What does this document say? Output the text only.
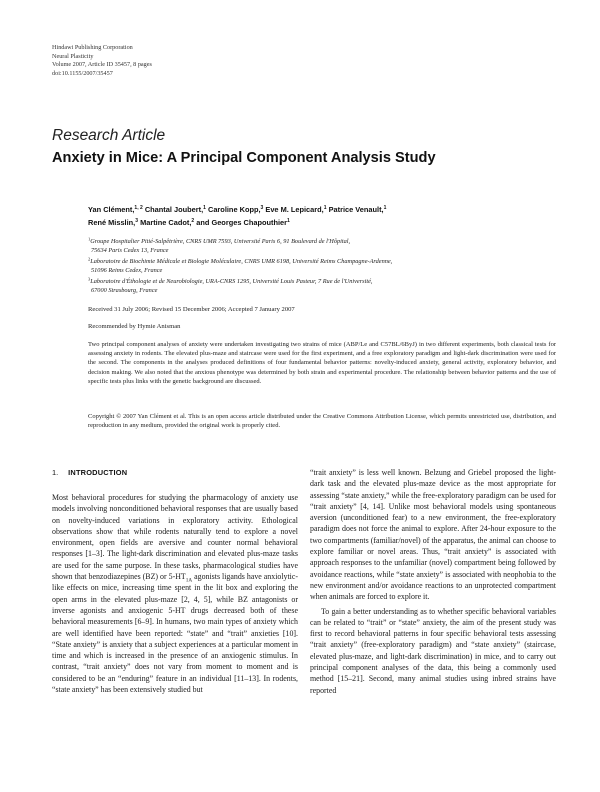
Hindawi Publishing Corporation
Neural Plasticity
Volume 2007, Article ID 35457, 8 pages
doi:10.1155/2007/35457
Research Article
Anxiety in Mice: A Principal Component Analysis Study
Yan Clément,$^{1, 2}$ Chantal Joubert,$^1$ Caroline Kopp,$^3$ Eve M. Lepicard,$^1$ Patrice Venault,$^1$
René Misslin,$^3$ Martine Cadot,$^2$ and Georges Chapouthier$^1$
$^1$Groupe Hospitalier Pitié-Salpêtrière, CNRS UMR 7593, Université Paris 6, 91 Boulevard de l'Hôpital,
75634 Paris Cedex 13, France
$^2$Laboratoire de Biochimie Médicale et Biologie Moléculaire, CNRS UMR 6198, Université Reims Champagne-Ardenne,
51096 Reims Cedex, France
$^3$Laboratoire d'Éthologie et de Neurobiologie, URA-CNRS 1295, Université Louis Pasteur, 7 Rue de l'Université,
67000 Strasbourg, France
Received 31 July 2006; Revised 15 December 2006; Accepted 7 January 2007
Recommended by Hymie Anisman
Two principal component analyses of anxiety were undertaken investigating two strains of mice (ABP/Le and C57BL/6ByJ) in two different experiments, both classical tests for assessing anxiety in rodents. The elevated plus-maze and staircase were used for the first experiment, and a free exploratory paradigm and light-dark discrimination were used for the second. The components in the analyses produced definitions of four fundamental behavior patterns: novelty-induced anxiety, general activity, exploratory behavior, and decision making. We also noted that the anxious phenotype was determined by both strain and experimental procedure. The relationship between behavior patterns and the use of specific tests plus links with the genetic background are discussed.
Copyright © 2007 Yan Clément et al. This is an open access article distributed under the Creative Commons Attribution License, which permits unrestricted use, distribution, and reproduction in any medium, provided the original work is properly cited.
1. INTRODUCTION

Most behavioral procedures for studying the pharmacology of anxiety use models involving nonconditioned behavioral responses that are usually based on novelty-induced variations in exploratory activity. Ethological observations show that while rodents naturally tend to explore a novel environment, open fields are aversive and counter normal behavioral responses [1–3]. The light-dark discrimination and elevated plus-maze tasks are used for the same purpose. In these tasks, pharmacological studies have shown that benzodiazepines (BZ) or $5-HT_{1A}$ agonists ligands have anxiolytic-like effects on mice, increasing time spent in the lit box and exploring the open arms in the elevated plus-maze [2, 4, 5], while BZ antagonists or inverse agonists and anxiogenic 5-HT drugs decreased both of these behavioral measurements [6–9]. In humans, two main types of anxiety which are well identified have been reported: “state” and “trait” anxieties [10]. “State anxiety” is anxiety that a subject experiences at a particular moment in time and which is increased in the presence of an anxiogenic stimulus. In contrast, “trait anxiety” does not vary from moment to moment and is considered to be an “enduring” feature in an individual [11–13]. In rodents, “state anxiety” has been extensively studied but

“trait anxiety” is less well known. Belzung and Griebel proposed the light-dark task and the elevated plus-maze device as the most appropriate for assessing “state anxiety,” while the free-exploratory paradigm can be used for “trait anxiety” [4, 14]. Unlike most behavioral models using spontaneous aversion (unconditioned fear) to a new environment, the free-exploratory paradigm does not force the animal to explore. After 24-hour exposure to the two compartments (familiar/novel) of the apparatus, the animal can choose to explore familiar or novel areas. Thus, “trait anxiety” is associated with approach responses to the unfamiliar (novel) compartment being followed by avoidance reactions, while “state anxiety” is associated with neophobia to the new environment and/or avoidance reactions to an unprotected compartment when animals are forced to explore it.

To gain a better understanding as to whether specific behavioral variables can be related to “trait” or “state” anxiety, the aim of the present study was first to record behavioral patterns in four specific behavioral tests assessing “trait anxiety” (free-exploratory paradigm) and “state anxiety” (staircase, elevated plus-maze, and light-dark discrimination) in mice, and to carry out principal component analyses of the data, this being a commonly used method [15–21]. Second, many animal studies using inbred strains have reported
